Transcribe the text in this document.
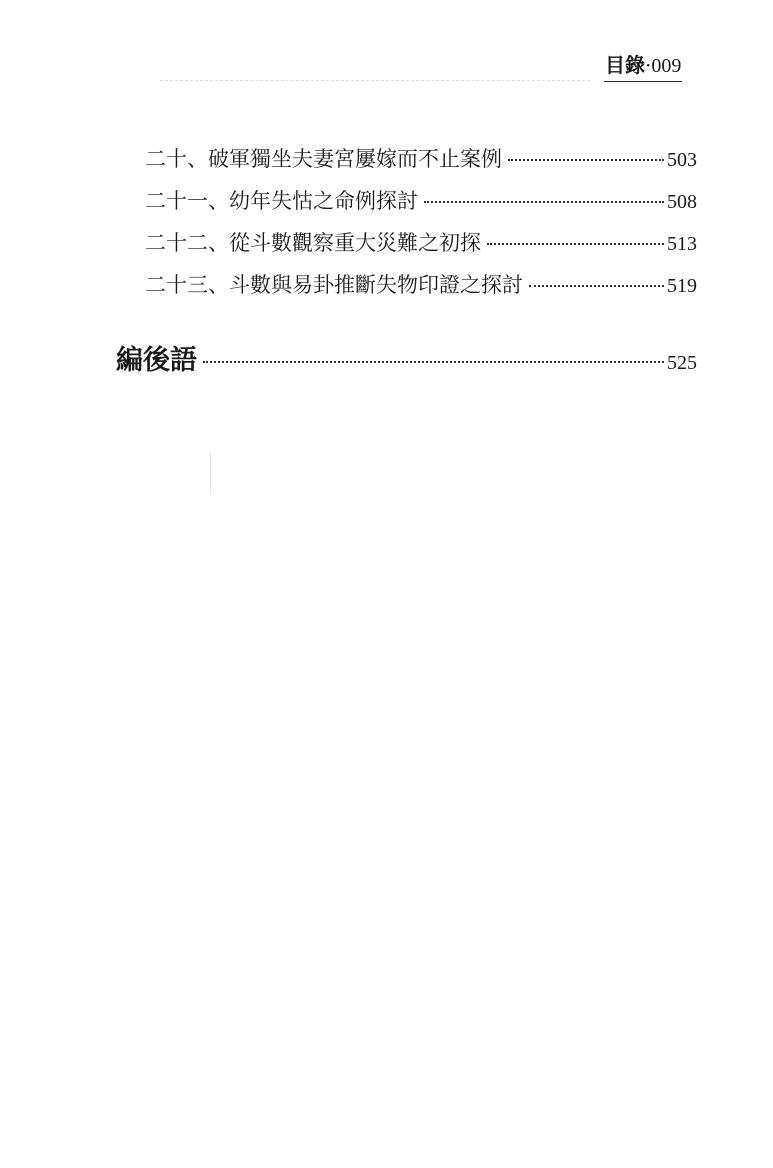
目錄·009
二十、破軍獨坐夫妻宮屢嫁而不止案例	503
二十一、幼年失怙之命例探討	508
二十二、從斗數觀察重大災難之初探	513
二十三、斗數與易卦推斷失物印證之探討	519
編後語	525
